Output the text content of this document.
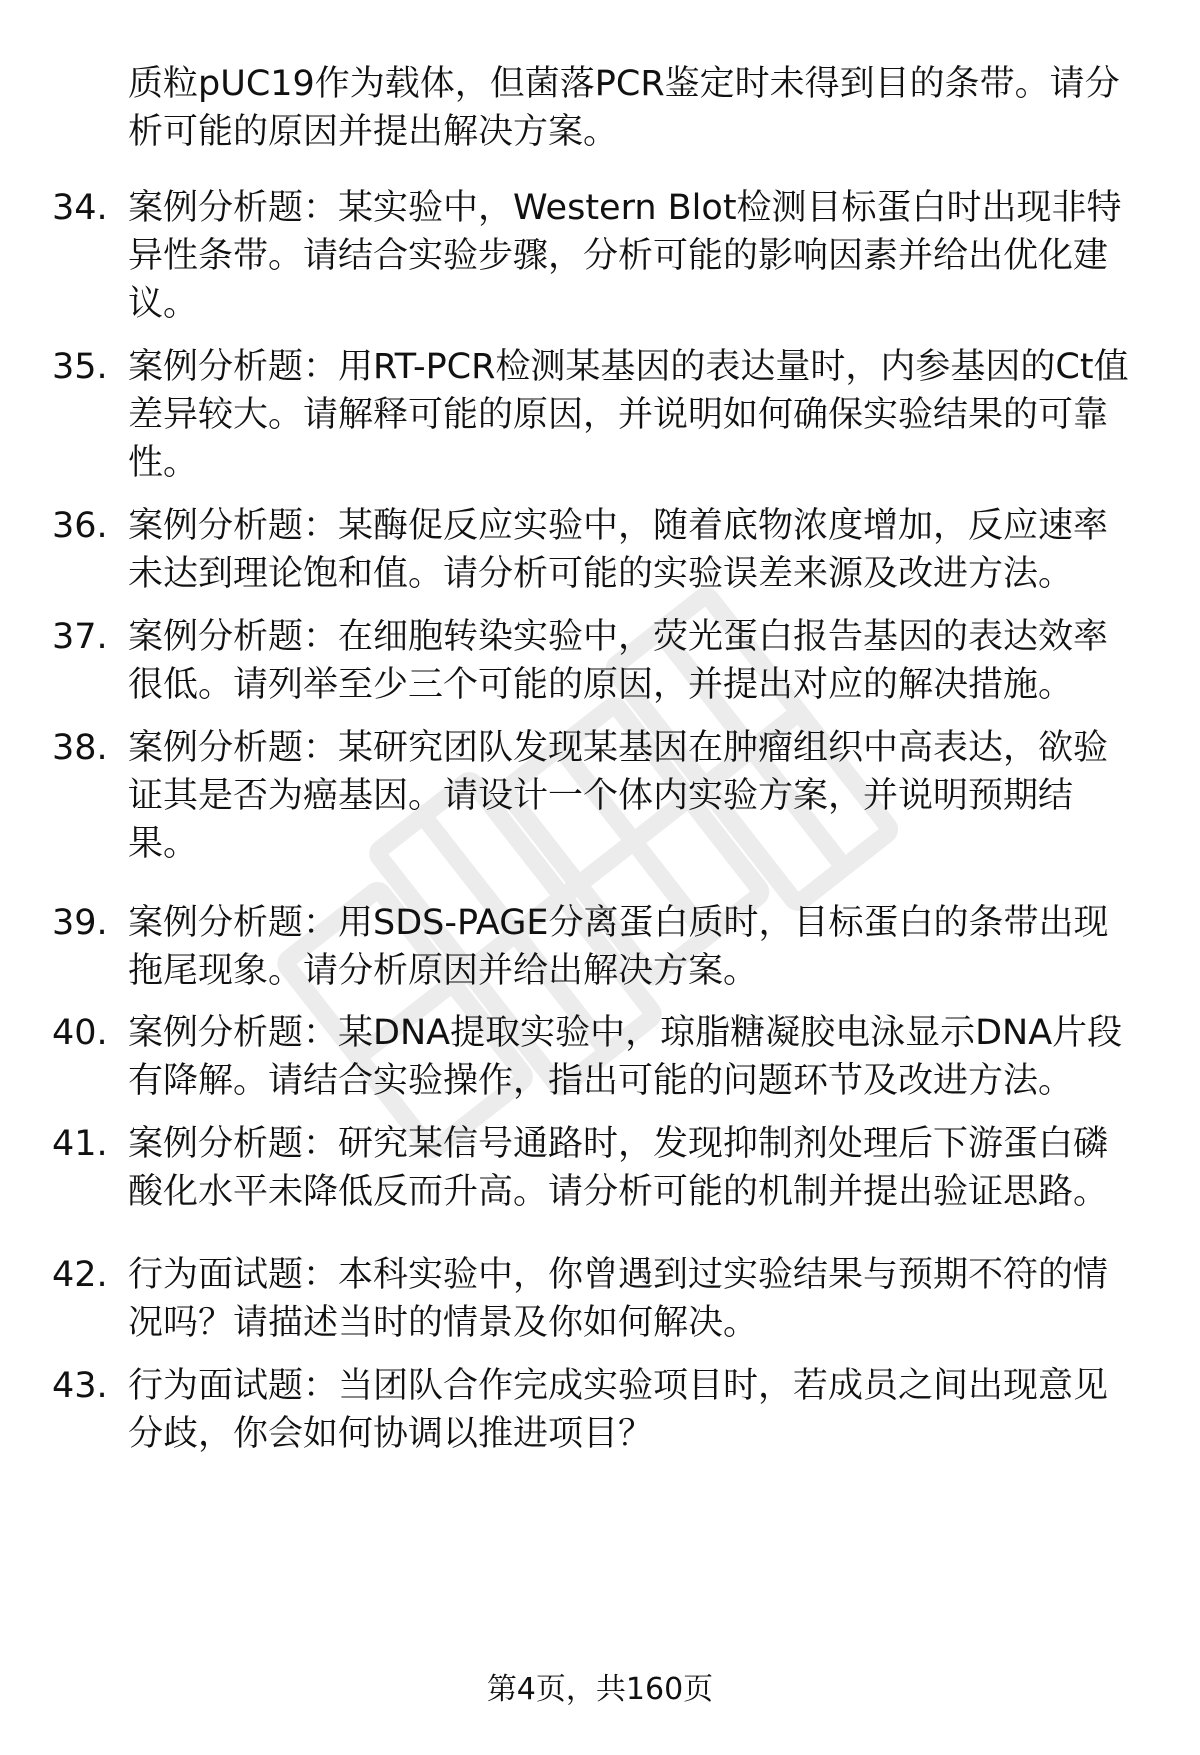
质粒pUC19作为载体，但菌落PCR鉴定时未得到目的条带。请分析可能的原因并提出解决方案。
34. 案例分析题：某实验中，Western Blot检测目标蛋白时出现非特异性条带。请结合实验步骤，分析可能的影响因素并给出优化建议。
35. 案例分析题：用RT-PCR检测某基因的表达量时，内参基因的Ct值差异较大。请解释可能的原因，并说明如何确保实验结果的可靠性。
36. 案例分析题：某酶促反应实验中，随着底物浓度增加，反应速率未达到理论饱和值。请分析可能的实验误差来源及改进方法。
37. 案例分析题：在细胞转染实验中，荧光蛋白报告基因的表达效率很低。请列举至少三个可能的原因，并提出对应的解决措施。
38. 案例分析题：某研究团队发现某基因在肿瘤组织中高表达，欲验证其是否为癌基因。请设计一个体内实验方案，并说明预期结果。
39. 案例分析题：用SDS-PAGE分离蛋白质时，目标蛋白的条带出现拖尾现象。请分析原因并给出解决方案。
40. 案例分析题：某DNA提取实验中，琼脂糖凝胶电泳显示DNA片段有降解。请结合实验操作，指出可能的问题环节及改进方法。
41. 案例分析题：研究某信号通路时，发现抑制剂处理后下游蛋白磷酸化水平未降低反而升高。请分析可能的机制并提出验证思路。
42. 行为面试题：本科实验中，你曾遇到过实验结果与预期不符的情况吗？请描述当时的情景及你如何解决。
43. 行为面试题：当团队合作完成实验项目时，若成员之间出现意见分歧，你会如何协调以推进项目？
第4页，共160页
